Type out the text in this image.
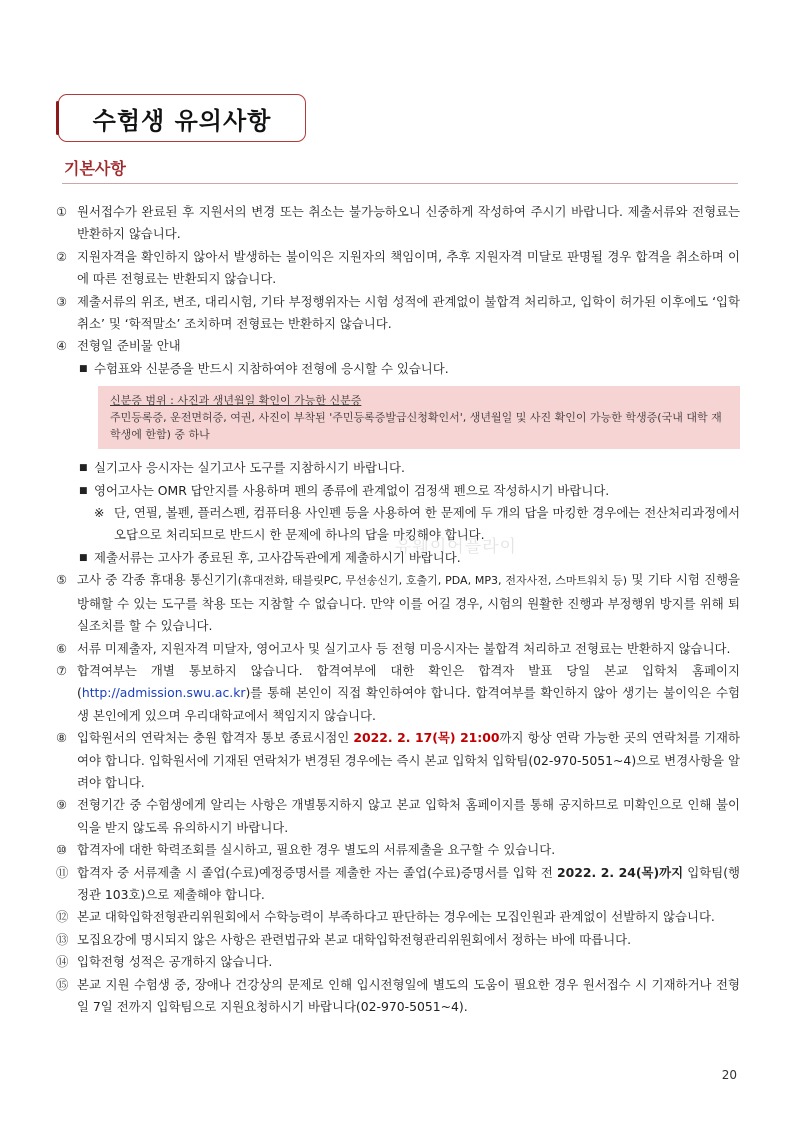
수험생 유의사항
기본사항
유웨이어플라이
① 원서접수가 완료된 후 지원서의 변경 또는 취소는 불가능하오니 신중하게 작성하여 주시기 바랍니다. 제출서류와 전형료는 반환하지 않습니다.
② 지원자격을 확인하지 않아서 발생하는 불이익은 지원자의 책임이며, 추후 지원자격 미달로 판명될 경우 합격을 취소하며 이에 따른 전형료는 반환되지 않습니다.
③ 제출서류의 위조, 변조, 대리시험, 기타 부정행위자는 시험 성적에 관계없이 불합격 처리하고, 입학이 허가된 이후에도 ‘입학취소’ 및 ‘학적말소’ 조치하며 전형료는 반환하지 않습니다.
④ 전형일 준비물 안내
■ 수험표와 신분증을 반드시 지참하여야 전형에 응시할 수 있습니다.
신분증 범위 : 사진과 생년월일 확인이 가능한 신분증
주민등록증, 운전면허증, 여권, 사진이 부착된 '주민등록증발급신청확인서', 생년월일 및 사진 확인이 가능한 학생증(국내 대학 재학생에 한함) 중 하나
■ 실기고사 응시자는 실기고사 도구를 지참하시기 바랍니다.
■ 영어고사는 OMR 답안지를 사용하며 펜의 종류에 관계없이 검정색 펜으로 작성하시기 바랍니다.
※ 단, 연필, 볼펜, 플러스펜, 컴퓨터용 사인펜 등을 사용하여 한 문제에 두 개의 답을 마킹한 경우에는 전산처리과정에서 오답으로 처리되므로 반드시 한 문제에 하나의 답을 마킹해야 합니다.
■ 제출서류는 고사가 종료된 후, 고사감독관에게 제출하시기 바랍니다.
⑤ 고사 중 각종 휴대용 통신기기(휴대전화, 태블릿PC, 무선송신기, 호출기, PDA, MP3, 전자사전, 스마트워치 등) 및 기타 시험 진행을 방해할 수 있는 도구를 착용 또는 지참할 수 없습니다. 만약 이를 어길 경우, 시험의 원활한 진행과 부정행위 방지를 위해 퇴실조치를 할 수 있습니다.
⑥ 서류 미제출자, 지원자격 미달자, 영어고사 및 실기고사 등 전형 미응시자는 불합격 처리하고 전형료는 반환하지 않습니다.
⑦ 합격여부는 개별 통보하지 않습니다. 합격여부에 대한 확인은 합격자 발표 당일 본교 입학처 홈페이지(http://admission.swu.ac.kr)를 통해 본인이 직접 확인하여야 합니다. 합격여부를 확인하지 않아 생기는 불이익은 수험생 본인에게 있으며 우리대학교에서 책임지지 않습니다.
⑧ 입학원서의 연락처는 충원 합격자 통보 종료시점인 2022. 2. 17(목) 21:00까지 항상 연락 가능한 곳의 연락처를 기재하여야 합니다. 입학원서에 기재된 연락처가 변경된 경우에는 즉시 본교 입학처 입학팀(02-970-5051~4)으로 변경사항을 알려야 합니다.
⑨ 전형기간 중 수험생에게 알리는 사항은 개별통지하지 않고 본교 입학처 홈페이지를 통해 공지하므로 미확인으로 인해 불이익을 받지 않도록 유의하시기 바랍니다.
⑩ 합격자에 대한 학력조회를 실시하고, 필요한 경우 별도의 서류제출을 요구할 수 있습니다.
⑪ 합격자 중 서류제출 시 졸업(수료)예정증명서를 제출한 자는 졸업(수료)증명서를 입학 전 2022. 2. 24(목)까지 입학팀(행정관 103호)으로 제출해야 합니다.
⑫ 본교 대학입학전형관리위원회에서 수학능력이 부족하다고 판단하는 경우에는 모집인원과 관계없이 선발하지 않습니다.
⑬ 모집요강에 명시되지 않은 사항은 관련법규와 본교 대학입학전형관리위원회에서 정하는 바에 따릅니다.
⑭ 입학전형 성적은 공개하지 않습니다.
⑮ 본교 지원 수험생 중, 장애나 건강상의 문제로 인해 입시전형일에 별도의 도움이 필요한 경우 원서접수 시 기재하거나 전형일 7일 전까지 입학팀으로 지원요청하시기 바랍니다(02-970-5051~4).
20
